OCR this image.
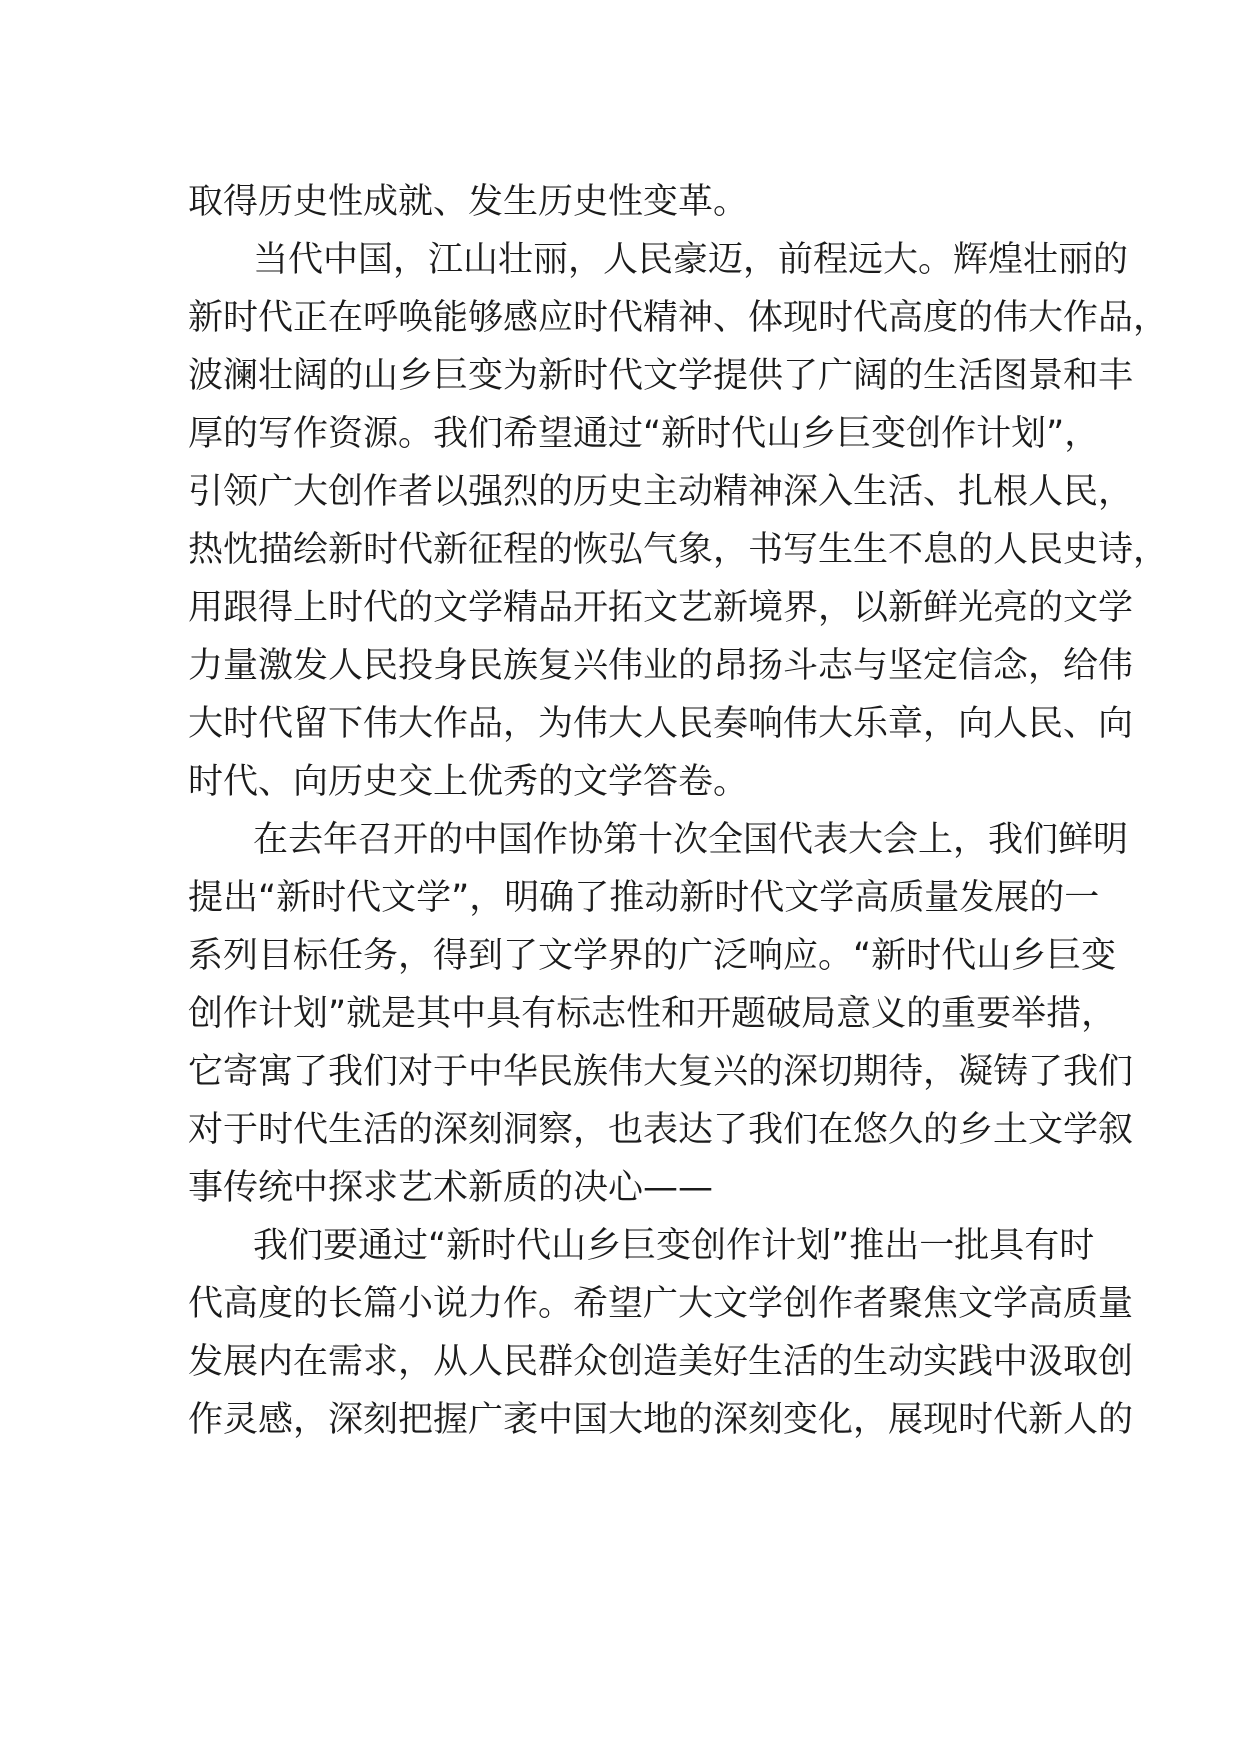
取得历史性成就、发生历史性变革。
当代中国，江山壮丽，人民豪迈，前程远大。辉煌壮丽的
新时代正在呼唤能够感应时代精神、体现时代高度的伟大作品，
波澜壮阔的山乡巨变为新时代文学提供了广阔的生活图景和丰
厚的写作资源。我们希望通过“新时代山乡巨变创作计划”，
引领广大创作者以强烈的历史主动精神深入生活、扎根人民，
热忱描绘新时代新征程的恢弘气象，书写生生不息的人民史诗，
用跟得上时代的文学精品开拓文艺新境界，以新鲜光亮的文学
力量激发人民投身民族复兴伟业的昂扬斗志与坚定信念，给伟
大时代留下伟大作品，为伟大人民奏响伟大乐章，向人民、向
时代、向历史交上优秀的文学答卷。
在去年召开的中国作协第十次全国代表大会上，我们鲜明
提出“新时代文学”，明确了推动新时代文学高质量发展的一
系列目标任务，得到了文学界的广泛响应。“新时代山乡巨变
创作计划”就是其中具有标志性和开题破局意义的重要举措，
它寄寓了我们对于中华民族伟大复兴的深切期待，凝铸了我们
对于时代生活的深刻洞察，也表达了我们在悠久的乡土文学叙
事传统中探求艺术新质的决心——
我们要通过“新时代山乡巨变创作计划”推出一批具有时
代高度的长篇小说力作。希望广大文学创作者聚焦文学高质量
发展内在需求，从人民群众创造美好生活的生动实践中汲取创
作灵感，深刻把握广袤中国大地的深刻变化，展现时代新人的
